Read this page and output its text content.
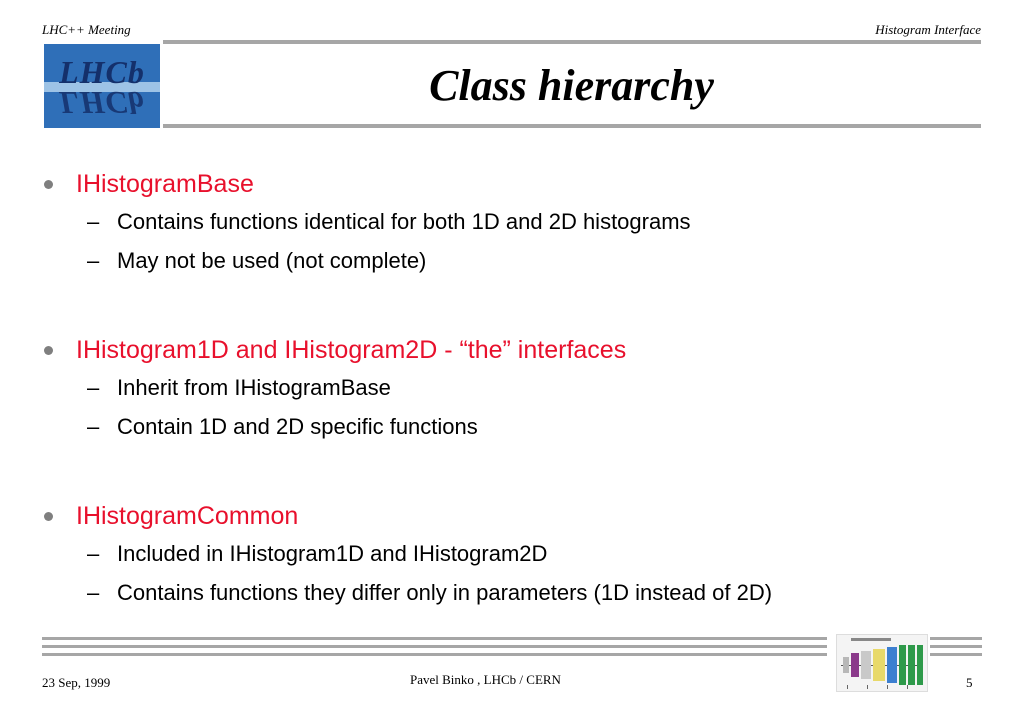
LHC++ Meeting	Histogram Interface
LHCb
LHCb	Class hierarchy
IHistogramBase
– Contains functions identical for both 1D and 2D histograms
– May not be used (not complete)
IHistogram1D and IHistogram2D - “the” interfaces
– Inherit from IHistogramBase
– Contain 1D and 2D specific functions
IHistogramCommon
– Included in IHistogram1D and IHistogram2D
– Contains functions they differ only in parameters (1D instead of 2D)
23 Sep, 1999	Pavel Binko , LHCb / CERN	5
